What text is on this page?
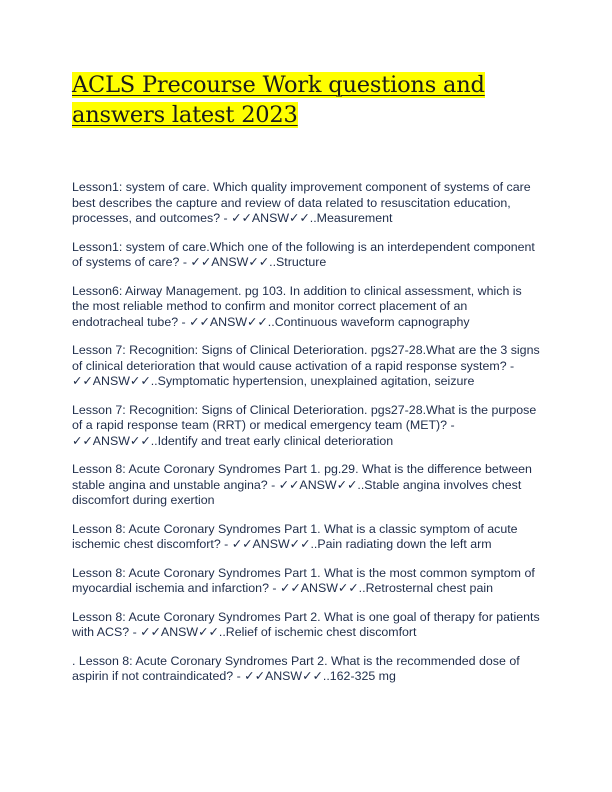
ACLS Precourse Work questions and answers latest 2023
Lesson1: system of care. Which quality improvement component of systems of care best describes the capture and review of data related to resuscitation education, processes, and outcomes? - ✓✓ANSW✓✓..Measurement
Lesson1: system of care.Which one of the following is an interdependent component of systems of care? - ✓✓ANSW✓✓..Structure
Lesson6: Airway Management. pg 103. In addition to clinical assessment, which is the most reliable method to confirm and monitor correct placement of an endotracheal tube? - ✓✓ANSW✓✓..Continuous waveform capnography
Lesson 7: Recognition: Signs of Clinical Deterioration. pgs27-28.What are the 3 signs of clinical deterioration that would cause activation of a rapid response system? - ✓✓ANSW✓✓..Symptomatic hypertension, unexplained agitation, seizure
Lesson 7: Recognition: Signs of Clinical Deterioration. pgs27-28.What is the purpose of a rapid response team (RRT) or medical emergency team (MET)? - ✓✓ANSW✓✓..Identify and treat early clinical deterioration
Lesson 8: Acute Coronary Syndromes Part 1. pg.29. What is the difference between stable angina and unstable angina? - ✓✓ANSW✓✓..Stable angina involves chest discomfort during exertion
Lesson 8: Acute Coronary Syndromes Part 1. What is a classic symptom of acute ischemic chest discomfort? - ✓✓ANSW✓✓..Pain radiating down the left arm
Lesson 8: Acute Coronary Syndromes Part 1. What is the most common symptom of myocardial ischemia and infarction? - ✓✓ANSW✓✓..Retrosternal chest pain
Lesson 8: Acute Coronary Syndromes Part 2. What is one goal of therapy for patients with ACS? - ✓✓ANSW✓✓..Relief of ischemic chest discomfort
. Lesson 8: Acute Coronary Syndromes Part 2. What is the recommended dose of aspirin if not contraindicated? - ✓✓ANSW✓✓..162-325 mg
